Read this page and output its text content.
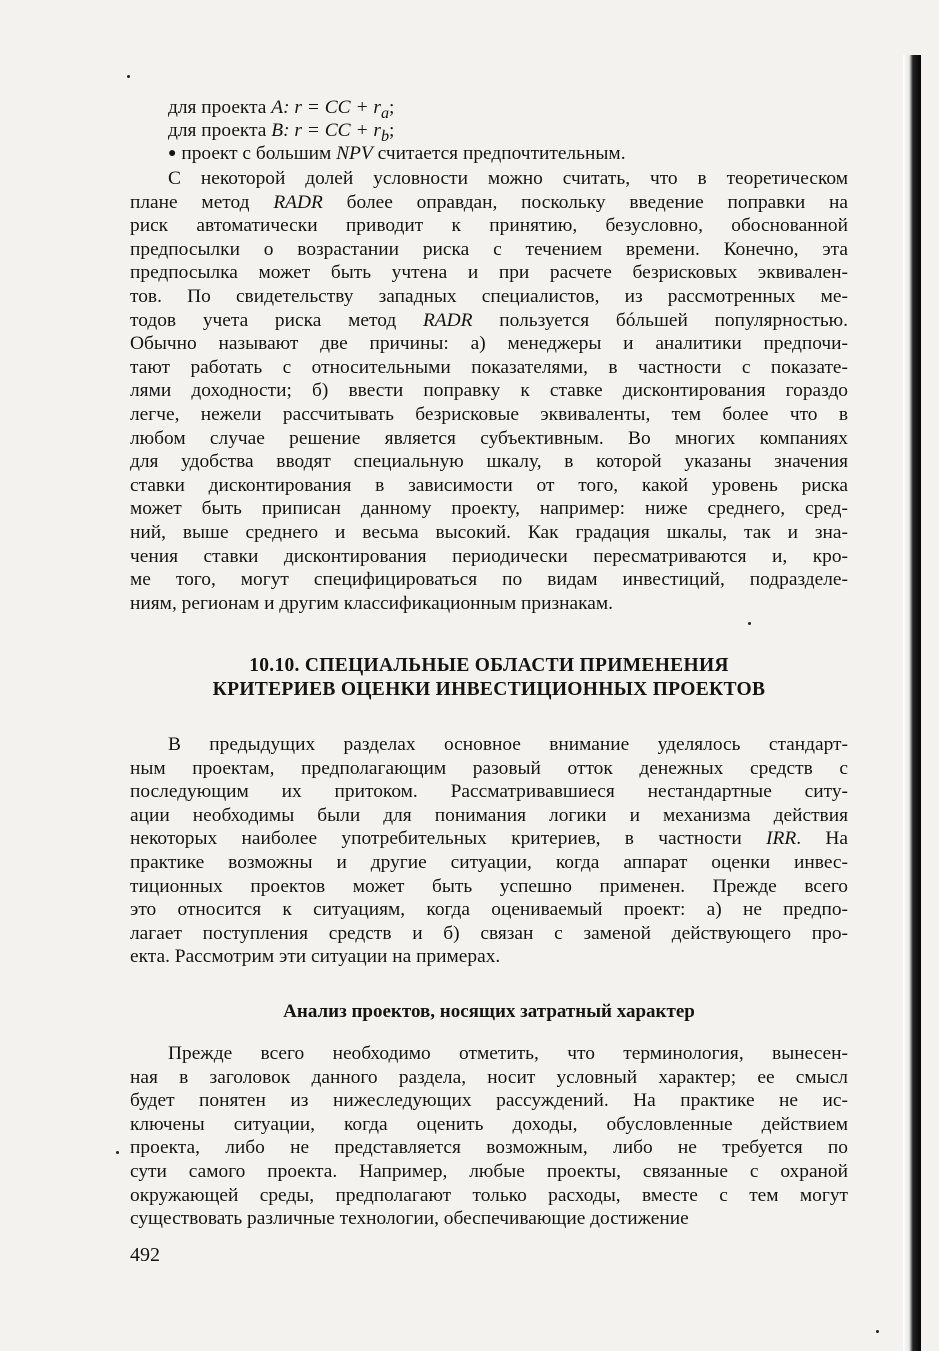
для проекта A: r = CC + $r_a$;
для проекта B: r = CC + $r_b$;
● проект с большим NPV считается предпочтительным.
С некоторой долей условности можно считать, что в теоретическом
плане метод RADR более оправдан, поскольку введение поправки на
риск автоматически приводит к принятию, безусловно, обоснованной
предпосылки о возрастании риска с течением времени. Конечно, эта
предпосылка может быть учтена и при расчете безрисковых эквивален-
тов. По свидетельству западных специалистов, из рассмотренных ме-
тодов учета риска метод RADR пользуется бóльшей популярностью.
Обычно называют две причины: а) менеджеры и аналитики предпочи-
тают работать с относительными показателями, в частности с показате-
лями доходности; б) ввести поправку к ставке дисконтирования гораздо
легче, нежели рассчитывать безрисковые эквиваленты, тем более что в
любом случае решение является субъективным. Во многих компаниях
для удобства вводят специальную шкалу, в которой указаны значения
ставки дисконтирования в зависимости от того, какой уровень риска
может быть приписан данному проекту, например: ниже среднего, сред-
ний, выше среднего и весьма высокий. Как градация шкалы, так и зна-
чения ставки дисконтирования периодически пересматриваются и, кро-
ме того, могут специфицироваться по видам инвестиций, подразделе-
ниям, регионам и другим классификационным признакам.
10.10. СПЕЦИАЛЬНЫЕ ОБЛАСТИ ПРИМЕНЕНИЯ
КРИТЕРИЕВ ОЦЕНКИ ИНВЕСТИЦИОННЫХ ПРОЕКТОВ
В предыдущих разделах основное внимание уделялось стандарт-
ным проектам, предполагающим разовый отток денежных средств с
последующим их притоком. Рассматривавшиеся нестандартные ситу-
ации необходимы были для понимания логики и механизма действия
некоторых наиболее употребительных критериев, в частности IRR. На
практике возможны и другие ситуации, когда аппарат оценки инвес-
тиционных проектов может быть успешно применен. Прежде всего
это относится к ситуациям, когда оцениваемый проект: а) не предпо-
лагает поступления средств и б) связан с заменой действующего про-
екта. Рассмотрим эти ситуации на примерах.
Анализ проектов, носящих затратный характер
Прежде всего необходимо отметить, что терминология, вынесен-
ная в заголовок данного раздела, носит условный характер; ее смысл
будет понятен из нижеследующих рассуждений. На практике не ис-
ключены ситуации, когда оценить доходы, обусловленные действием
проекта, либо не представляется возможным, либо не требуется по
сути самого проекта. Например, любые проекты, связанные с охраной
окружающей среды, предполагают только расходы, вместе с тем могут
существовать различные технологии, обеспечивающие достижение
492
